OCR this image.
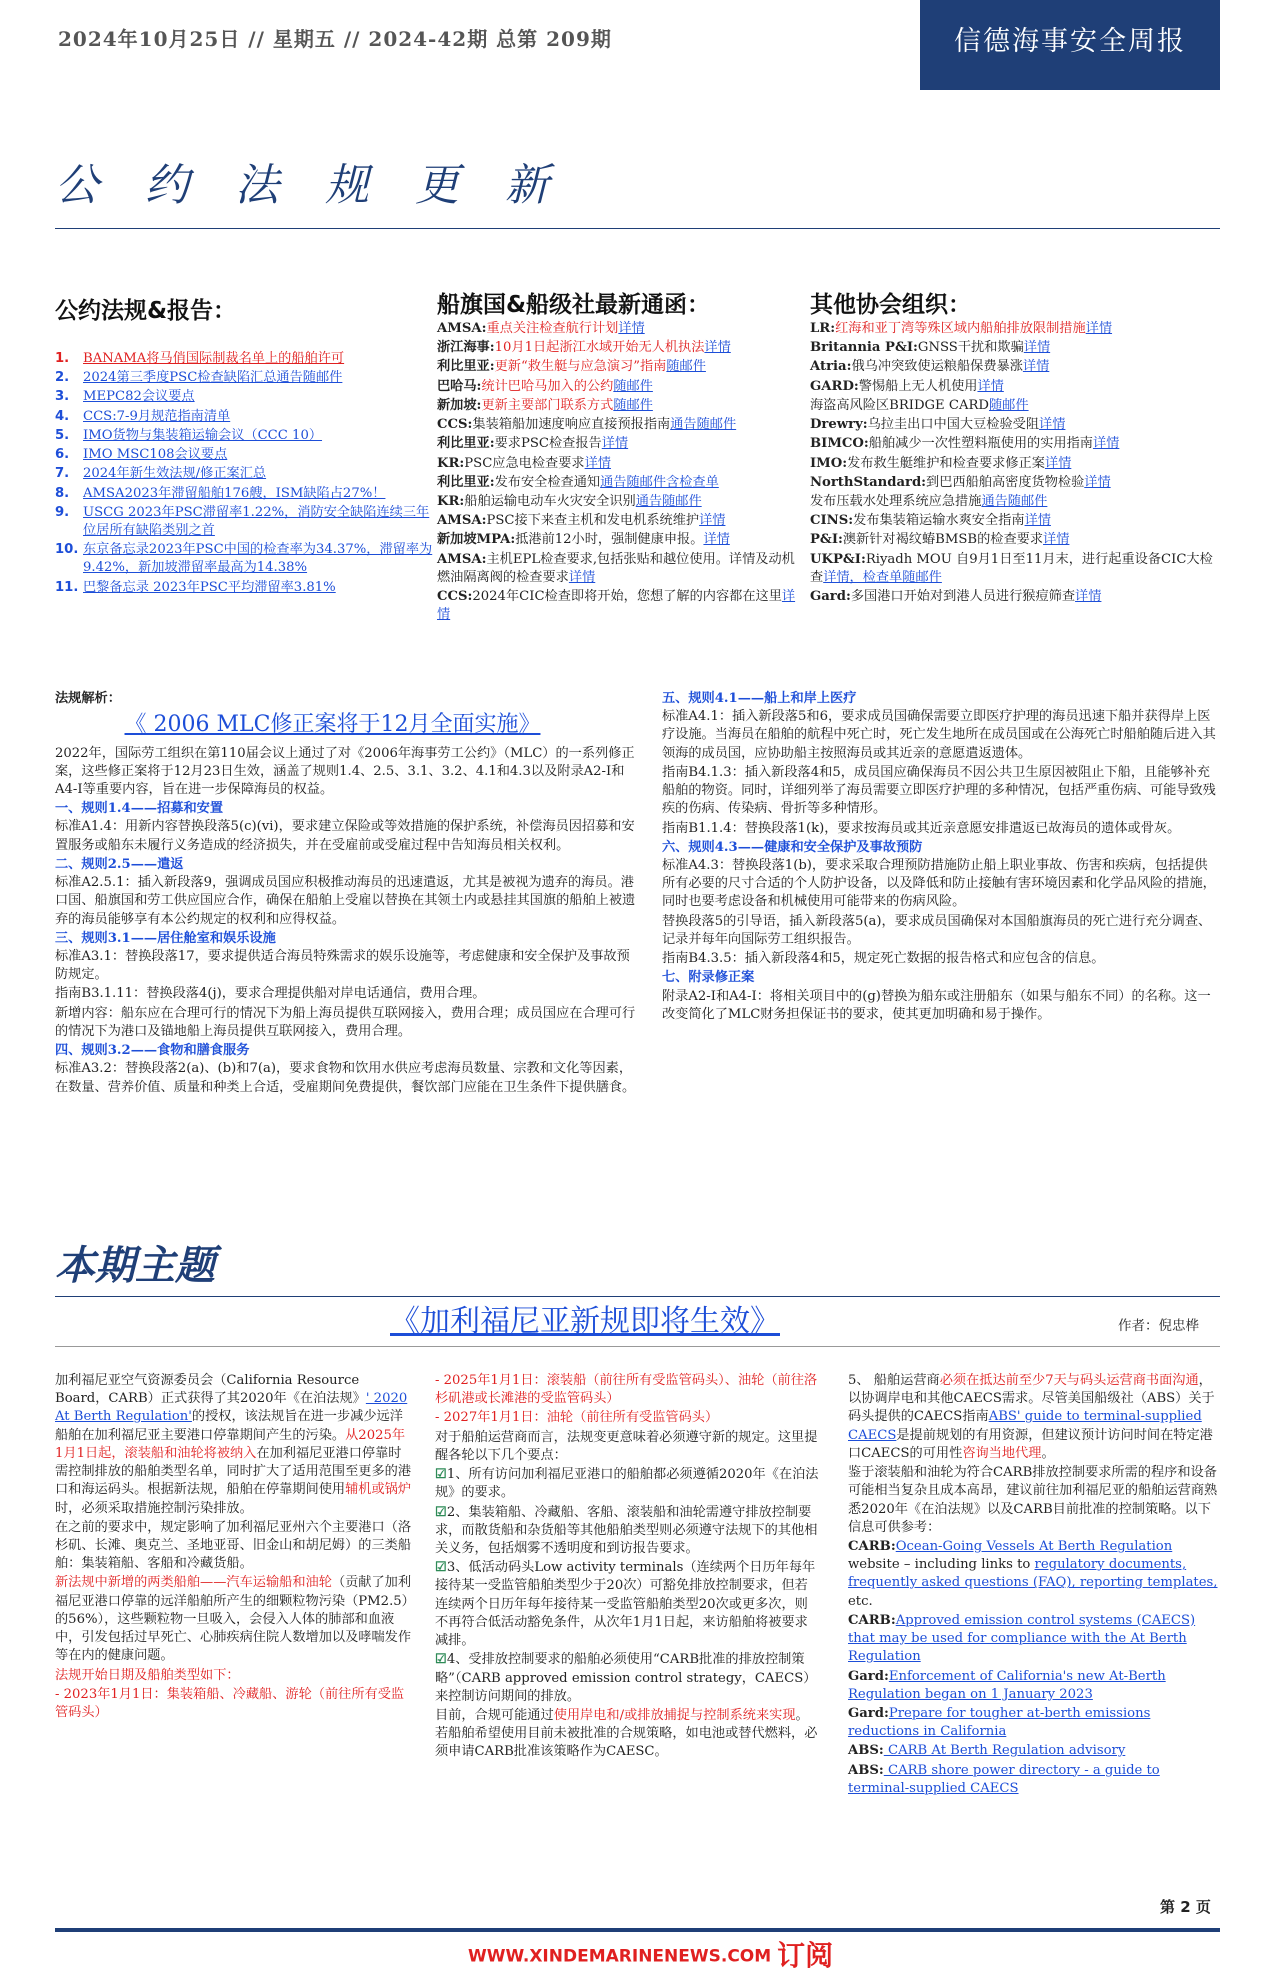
2024年10月25日 // 星期五 // 2024-42期 总第 209期	信德海事安全周报
公 约 法 规 更 新
公约法规&报告：	船旗国&船级社最新通函：	其他协会组织：
1.	BANAMA将马俏国际制裁名单上的船舶许可
2.	2024第三季度PSC检查缺陷汇总通告随邮件
3.	MEPC82会议要点
4.	CCS:7-9月规范指南清单
5.	IMO货物与集装箱运输会议（CCC 10）
6.	IMO MSC108会议要点
7.	2024年新生效法规/修正案汇总
8.	AMSA2023年滞留船舶176艘，ISM缺陷占27%！
9.	USCG 2023年PSC滞留率1.22%，消防安全缺陷连续三年位居所有缺陷类别之首
10. 东京备忘录2023年PSC中国的检查率为34.37%，滞留率为9.42%，新加坡滞留率最高为14.38%
11. 巴黎备忘录 2023年PSC平均滞留率3.81%

AMSA:重点关注检查航行计划详情

浙江海事:10月1日起浙江水域开始无人机执法详情

利比里亚:更新“救生艇与应急演习”指南随邮件

巴哈马:统计巴哈马加入的公约随邮件

新加坡:更新主要部门联系方式随邮件

CCS:集装箱船加速度响应直接预报指南通告随邮件

利比里亚:要求PSC检查报告详情

KR:PSC应急电检查要求详情

利比里亚:发布安全检查通知通告随邮件含检查单

KR:船舶运输电动车火灾安全识别通告随邮件

AMSA:PSC接下来查主机和发电机系统维护详情

新加坡MPA:抵港前12小时，强制健康申报。详情

AMSA:主机EPL检查要求,包括张贴和越位使用。详情及动机燃油隔离阀的检查要求详情

CCS:2024年CIC检查即将开始，您想了解的内容都在这里详情

LR:红海和亚丁湾等殊区域内船舶排放限制措施详情

Britannia P&I:GNSS干扰和欺骗详情

Atria:俄乌冲突致使运粮船保费暴涨详情

GARD:警惕船上无人机使用详情

海盗高风险区BRIDGE CARD随邮件

Drewry:乌拉圭出口中国大豆检验受阻详情

BIMCO:船舶减少一次性塑料瓶使用的实用指南详情

IMO:发布救生艇维护和检查要求修正案详情

NorthStandard:到巴西船舶高密度货物检验详情

发布压载水处理系统应急措施通告随邮件

CINS:发布集装箱运输水爽安全指南详情

P&I:澳新针对褐纹蝽BMSB的检查要求详情

UKP&I:Riyadh MOU 自9月1日至11月末，进行起重设备CIC大检查详情，检查单随邮件

Gard:多国港口开始对到港人员进行猴痘筛查详情

法规解析：
《 2006 MLC修正案将于12月全面实施》

2022年，国际劳工组织在第110届会议上通过了对《2006年海事劳工公约》（MLC）的一系列修正案，这些修正案将于12月23日生效，涵盖了规则1.4、2.5、3.1、3.2、4.1和4.3以及附录A2-I和A4-I等重要内容，旨在进一步保障海员的权益。

一、规则1.4——招募和安置

标准A1.4：用新内容替换段落5(c)(vi)，要求建立保险或等效措施的保护系统，补偿海员因招募和安置服务或船东未履行义务造成的经济损失，并在受雇前或受雇过程中告知海员相关权利。

二、规则2.5——遣返

标准A2.5.1：插入新段落9，强调成员国应积极推动海员的迅速遣返，尤其是被视为遗弃的海员。港口国、船旗国和劳工供应国应合作，确保在船舶上受雇以替换在其领土内或悬挂其国旗的船舶上被遗弃的海员能够享有本公约规定的权利和应得权益。

三、规则3.1——居住舱室和娱乐设施

标准A3.1：替换段落17，要求提供适合海员特殊需求的娱乐设施等，考虑健康和安全保护及事故预防规定。

指南B3.1.11：替换段落4(j)，要求合理提供船对岸电话通信，费用合理。

新增内容：船东应在合理可行的情况下为船上海员提供互联网接入，费用合理；成员国应在合理可行的情况下为港口及锚地船上海员提供互联网接入，费用合理。

四、规则3.2——食物和膳食服务

标准A3.2：替换段落2(a)、(b)和7(a)，要求食物和饮用水供应考虑海员数量、宗教和文化等因素，在数量、营养价值、质量和种类上合适，受雇期间免费提供，餐饮部门应能在卫生条件下提供膳食。

五、规则4.1——船上和岸上医疗

标准A4.1：插入新段落5和6，要求成员国确保需要立即医疗护理的海员迅速下船并获得岸上医疗设施。当海员在船舶的航程中死亡时，死亡发生地所在成员国或在公海死亡时船舶随后进入其领海的成员国，应协助船主按照海员或其近亲的意愿遣返遗体。

指南B4.1.3：插入新段落4和5，成员国应确保海员不因公共卫生原因被阻止下船，且能够补充船舶的物资。同时，详细列举了海员需要立即医疗护理的多种情况，包括严重伤病、可能导致残疾的伤病、传染病、骨折等多种情形。

指南B1.1.4：替换段落1(k)，要求按海员或其近亲意愿安排遣返已故海员的遗体或骨灰。

六、规则4.3——健康和安全保护及事故预防

标准A4.3：替换段落1(b)，要求采取合理预防措施防止船上职业事故、伤害和疾病，包括提供所有必要的尺寸合适的个人防护设备，以及降低和防止接触有害环境因素和化学品风险的措施，同时也要考虑设备和机械使用可能带来的伤病风险。

替换段落5的引导语，插入新段落5(a)，要求成员国确保对本国船旗海员的死亡进行充分调查、记录并每年向国际劳工组织报告。

指南B4.3.5：插入新段落4和5，规定死亡数据的报告格式和应包含的信息。

七、附录修正案

附录A2-I和A4-I：将相关项目中的(g)替换为船东或注册船东（如果与船东不同）的名称。这一改变简化了MLC财务担保证书的要求，使其更加明确和易于操作。

本期主题
《加利福尼亚新规即将生效》	作者：倪忠桦

加利福尼亚空气资源委员会（California Resource Board，CARB）正式获得了其2020年《在泊法规》' 2020 At Berth Regulation'的授权，该法规旨在进一步减少远洋船舶在加利福尼亚主要港口停靠期间产生的污染。从2025年1月1日起，滚装船和油轮将被纳入在加利福尼亚港口停靠时需控制排放的船舶类型名单，同时扩大了适用范围至更多的港口和海运码头。根据新法规，船舶在停靠期间使用辅机或锅炉时，必须采取措施控制污染排放。

在之前的要求中，规定影响了加利福尼亚州六个主要港口（洛杉矶、长滩、奥克兰、圣地亚哥、旧金山和胡尼姆）的三类船舶：集装箱船、客船和冷藏货船。

新法规中新增的两类船舶——汽车运输船和油轮（贡献了加利福尼亚港口停靠的远洋船舶所产生的细颗粒物污染（PM2.5）的56%），这些颗粒物一旦吸入，会侵入人体的肺部和血液中，引发包括过早死亡、心肺疾病住院人数增加以及哮喘发作等在内的健康问题。

法规开始日期及船舶类型如下：

- 2023年1月1日：集装箱船、冷藏船、游轮（前往所有受监管码头）

- 2025年1月1日：滚装船（前往所有受监管码头）、油轮（前往洛杉矶港或长滩港的受监管码头）

- 2027年1月1日：油轮（前往所有受监管码头）

对于船舶运营商而言，法规变更意味着必须遵守新的规定。这里提醒各轮以下几个要点：

☑1、所有访问加利福尼亚港口的船舶都必须遵循2020年《在泊法规》的要求。

☑2、集装箱船、冷藏船、客船、滚装船和油轮需遵守排放控制要求，而散货船和杂货船等其他船舶类型则必须遵守法规下的其他相关义务，包括烟雾不透明度和到访报告要求。

☑3、低活动码头Low activity terminals（连续两个日历年每年接待某一受监管船舶类型少于20次）可豁免排放控制要求，但若连续两个日历年每年接待某一受监管船舶类型20次或更多次，则不再符合低活动豁免条件，从次年1月1日起，来访船舶将被要求减排。

☑4、受排放控制要求的船舶必须使用“CARB批准的排放控制策略”（CARB approved emission control strategy，CAECS）来控制访问期间的排放。

目前，合规可能通过使用岸电和/或排放捕捉与控制系统来实现。若船舶希望使用目前未被批准的合规策略，如电池或替代燃料，必须申请CARB批准该策略作为CAESC。

5、 船舶运营商必须在抵达前至少7天与码头运营商书面沟通，以协调岸电和其他CAECS需求。尽管美国船级社（ABS）关于码头提供的CAECS指南ABS' guide to terminal-supplied CAECS是提前规划的有用资源，但建议预计访问时间在特定港口CAECS的可用性咨询当地代理。

鉴于滚装船和油轮为符合CARB排放控制要求所需的程序和设备可能相当复杂且成本高昂，建议前往加利福尼亚的船舶运营商熟悉2020年《在泊法规》以及CARB目前批准的控制策略。以下信息可供参考：

CARB:Ocean-Going Vessels At Berth Regulation website – including links to regulatory documents, frequently asked questions (FAQ), reporting templates, etc.

CARB:Approved emission control systems (CAECS) that may be used for compliance with the At Berth Regulation

Gard:Enforcement of California's new At-Berth Regulation began on 1 January 2023

Gard:Prepare for tougher at-berth emissions reductions in California

ABS: CARB At Berth Regulation advisory

ABS: CARB shore power directory - a guide to terminal-supplied CAECS

第 2 页
WWW.XINDEMARINENEWS.COM 订阅
